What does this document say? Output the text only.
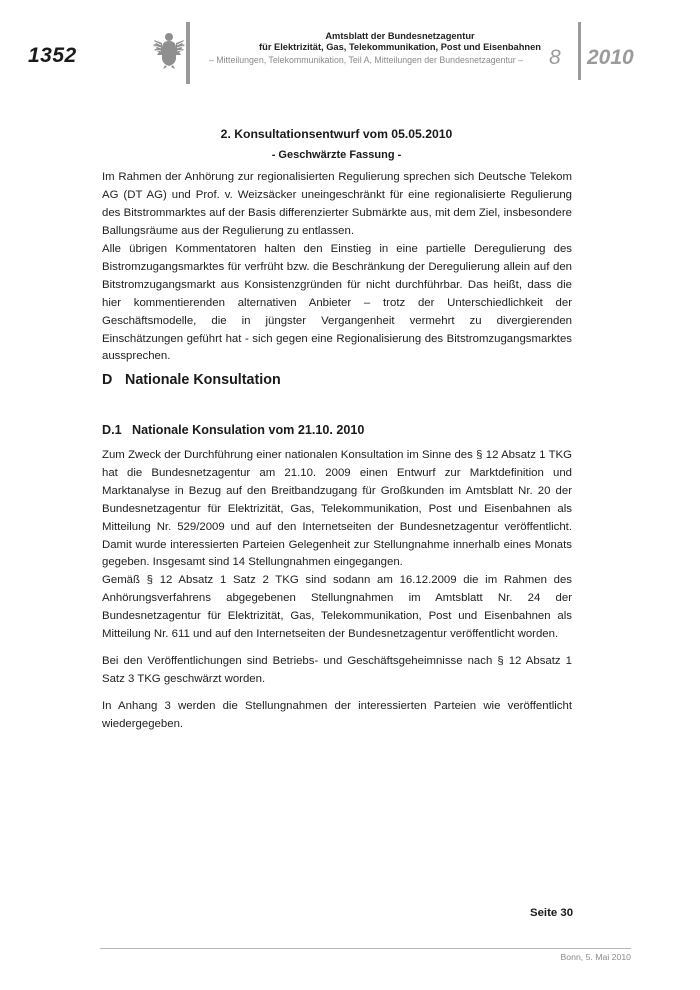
1352
Amtsblatt der Bundesnetzagentur
für Elektrizität, Gas, Telekommunikation, Post und Eisenbahnen
– Mitteilungen, Telekommunikation, Teil A, Mitteilungen der Bundesnetzagentur –	8 2010
2. Konsultationsentwurf vom 05.05.2010
- Geschwärzte Fassung -

Im Rahmen der Anhörung zur regionalisierten Regulierung sprechen sich Deutsche Telekom AG (DT AG) und Prof. v. Weizsäcker uneingeschränkt für eine regionalisierte Regulierung des Bitstrommarktes auf der Basis differenzierter Submärkte aus, mit dem Ziel, insbesondere Ballungsräume aus der Regulierung zu entlassen.

Alle übrigen Kommentatoren halten den Einstieg in eine partielle Deregulierung des Bistromzugangsmarktes für verfrüht bzw. die Beschränkung der Deregulierung allein auf den Bitstromzugangsmarkt aus Konsistenzgründen für nicht durchführbar. Das heißt, dass die hier kommentierenden alternativen Anbieter – trotz der Unterschiedlichkeit der Geschäftsmodelle, die in jüngster Vergangenheit vermehrt zu divergierenden Einschätzungen geführt hat - sich gegen eine Regionalisierung des Bitstromzugangsmarktes aussprechen.

D Nationale Konsultation
D.1 Nationale Konsulation vom 21.10. 2010

Zum Zweck der Durchführung einer nationalen Konsultation im Sinne des § 12 Absatz 1 TKG hat die Bundesnetzagentur am 21.10. 2009 einen Entwurf zur Marktdefinition und Marktanalyse in Bezug auf den Breitbandzugang für Großkunden im Amtsblatt Nr. 20 der Bundesnetzagentur für Elektrizität, Gas, Telekommunikation, Post und Eisenbahnen als Mitteilung Nr. 529/2009 und auf den Internetseiten der Bundesnetzagentur veröffentlicht. Damit wurde interessierten Parteien Gelegenheit zur Stellungnahme innerhalb eines Monats gegeben. Insgesamt sind 14 Stellungnahmen eingegangen.

Gemäß § 12 Absatz 1 Satz 2 TKG sind sodann am 16.12.2009 die im Rahmen des Anhörungsverfahrens abgegebenen Stellungnahmen im Amtsblatt Nr. 24 der Bundesnetzagentur für Elektrizität, Gas, Telekommunikation, Post und Eisenbahnen als Mitteilung Nr. 611 und auf den Internetseiten der Bundesnetzagentur veröffentlicht worden.

Bei den Veröffentlichungen sind Betriebs- und Geschäftsgeheimnisse nach § 12 Absatz 1 Satz 3 TKG geschwärzt worden.

In Anhang 3 werden die Stellungnahmen der interessierten Parteien wie veröffentlicht wiedergegeben.

Seite 30
Bonn, 5. Mai 2010
